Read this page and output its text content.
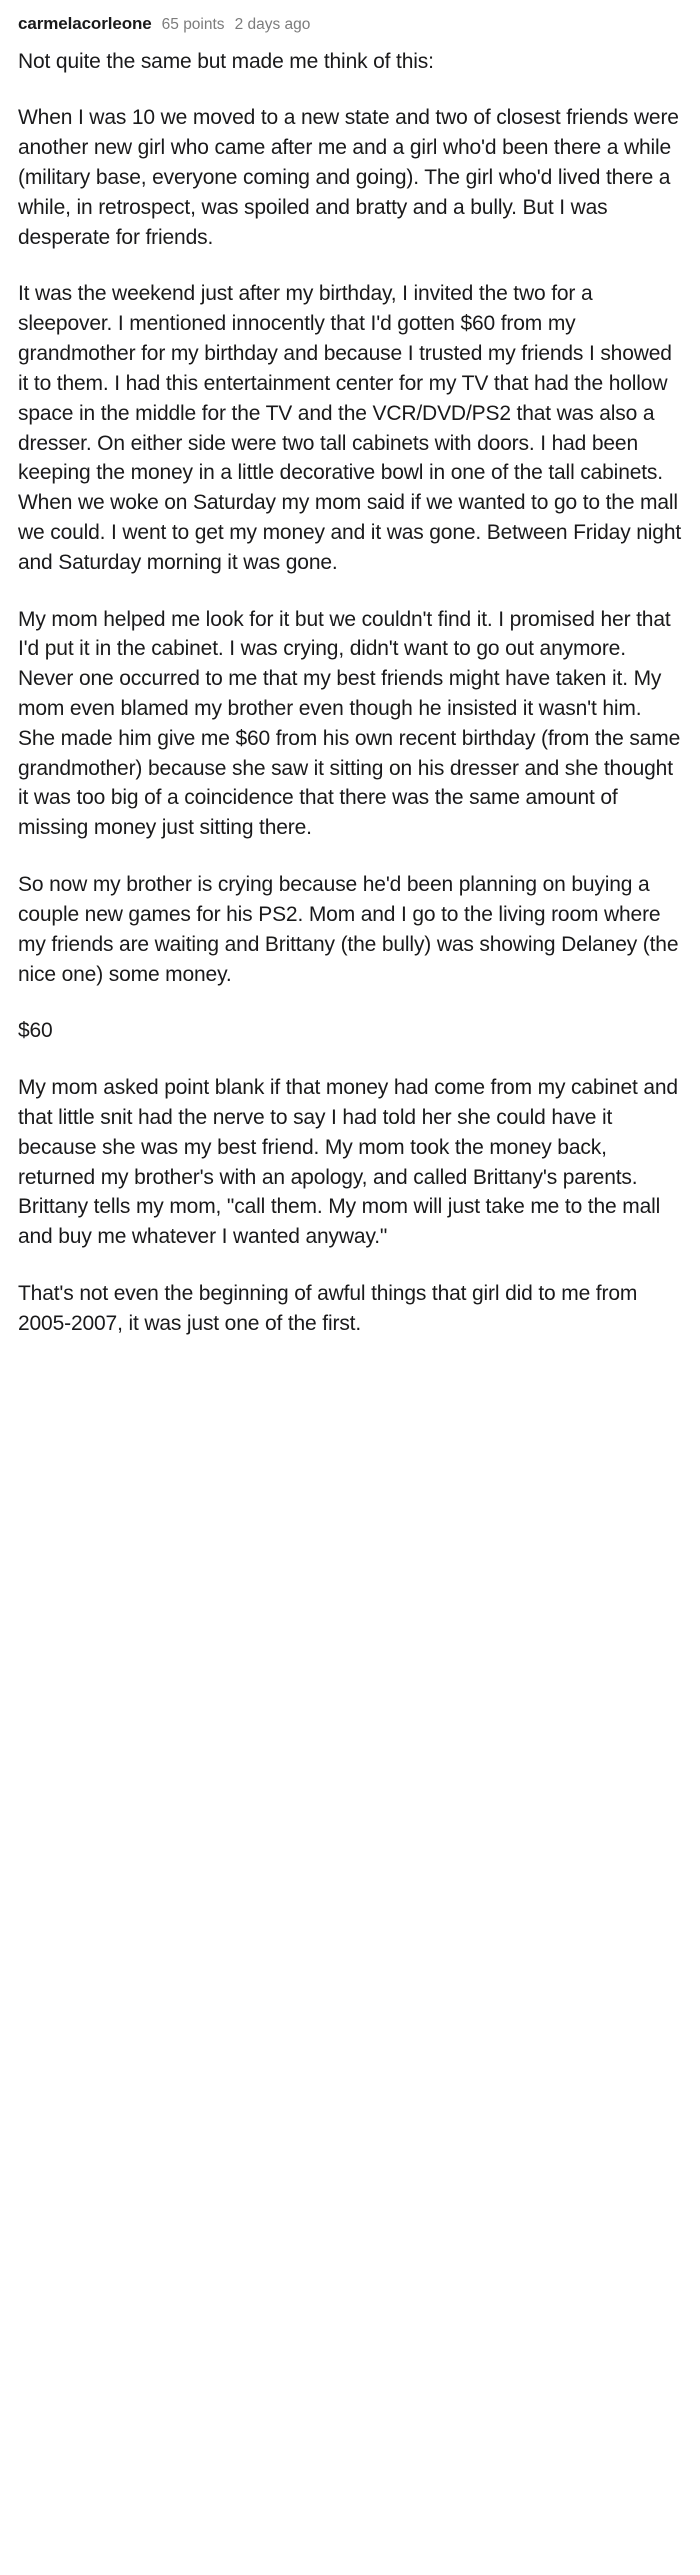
carmelacorleone 65 points 2 days ago

Not quite the same but made me think of this:

When I was 10 we moved to a new state and two of closest friends were another new girl who came after me and a girl who'd been there a while (military base, everyone coming and going). The girl who'd lived there a while, in retrospect, was spoiled and bratty and a bully. But I was desperate for friends.

It was the weekend just after my birthday, I invited the two for a sleepover. I mentioned innocently that I'd gotten $60 from my grandmother for my birthday and because I trusted my friends I showed it to them. I had this entertainment center for my TV that had the hollow space in the middle for the TV and the VCR/DVD/PS2 that was also a dresser. On either side were two tall cabinets with doors. I had been keeping the money in a little decorative bowl in one of the tall cabinets. When we woke on Saturday my mom said if we wanted to go to the mall we could. I went to get my money and it was gone. Between Friday night and Saturday morning it was gone.

My mom helped me look for it but we couldn't find it. I promised her that I'd put it in the cabinet. I was crying, didn't want to go out anymore. Never one occurred to me that my best friends might have taken it. My mom even blamed my brother even though he insisted it wasn't him. She made him give me $60 from his own recent birthday (from the same grandmother) because she saw it sitting on his dresser and she thought it was too big of a coincidence that there was the same amount of missing money just sitting there.

So now my brother is crying because he'd been planning on buying a couple new games for his PS2. Mom and I go to the living room where my friends are waiting and Brittany (the bully) was showing Delaney (the nice one) some money.

$60

My mom asked point blank if that money had come from my cabinet and that little snit had the nerve to say I had told her she could have it because she was my best friend. My mom took the money back, returned my brother's with an apology, and called Brittany's parents. Brittany tells my mom, "call them. My mom will just take me to the mall and buy me whatever I wanted anyway."

That's not even the beginning of awful things that girl did to me from 2005-2007, it was just one of the first.
